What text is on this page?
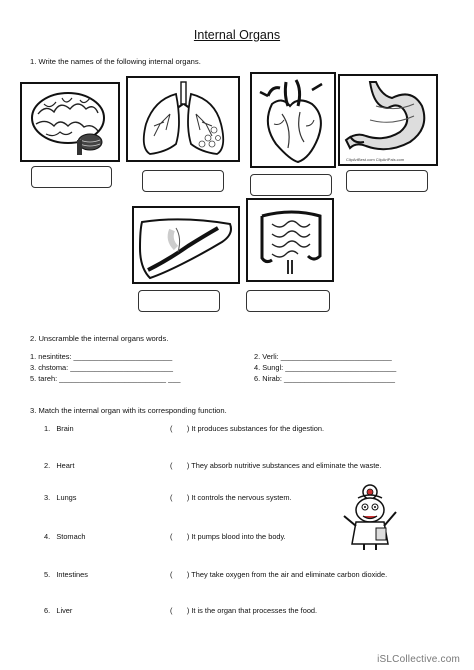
Internal Organs
1. Write the names of the following internal organs.
ClipArtBest.com ClipArtPals.com
2. Unscramble the internal organs words.
1. nesintites: ________________________	2. Verli: ___________________________
3. chstoma: _________________________	4. Sungl: ___________________________
5. tareh: __________________________ ___	6. Nirab: ___________________________
3. Match the internal organ with its corresponding function.
1. Brain	( ) It produces substances for the digestion.
2. Heart	( ) They absorb nutritive substances and eliminate the waste.
3. Lungs	( ) It controls the nervous system.
4. Stomach	( ) It pumps blood into the body.
5. Intestines	( ) They take oxygen from the air and eliminate carbon dioxide.
6. Liver	( ) It is the organ that processes the food.
iSLCollective.com
